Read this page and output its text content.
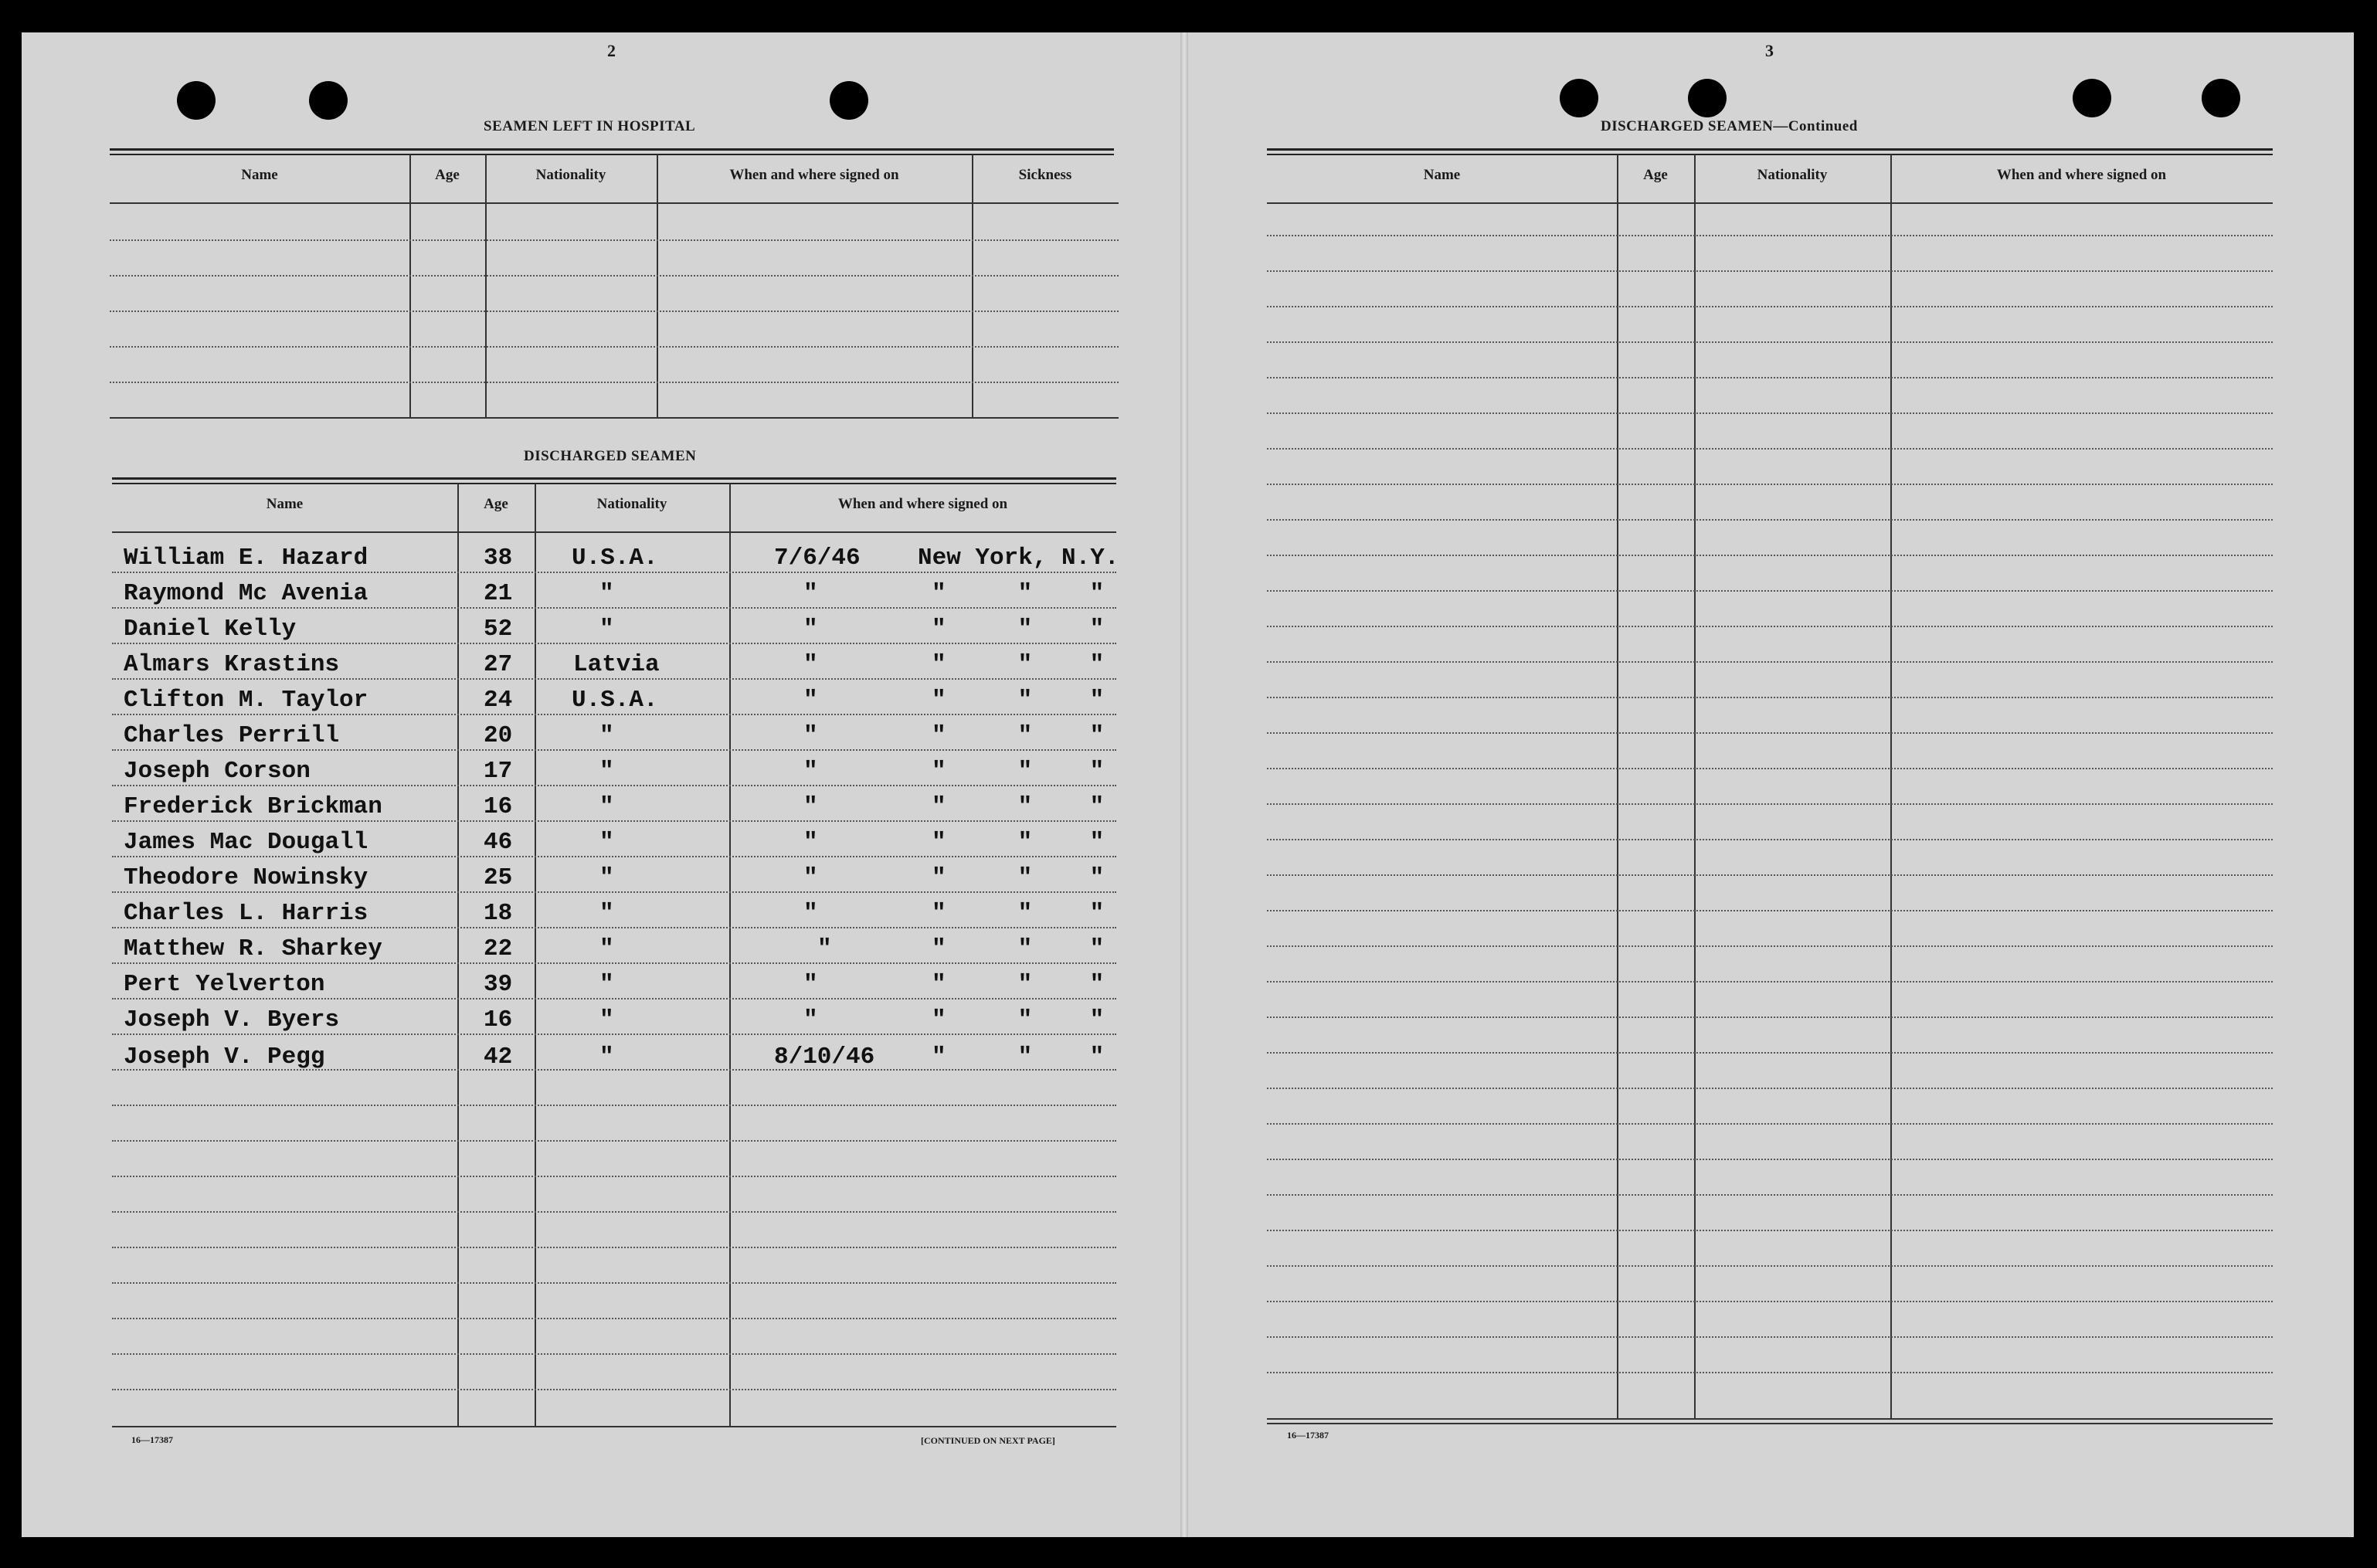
2
SEAMEN LEFT IN HOSPITAL
Name	Age	Nationality	When and where signed on	Sickness
DISCHARGED SEAMEN
Name	Age	Nationality	When and where signed on
William E. Hazard	38 U.S.A.	7/6/46 New York, N.Y.
Raymond Mc Avenia	21	"	"	"     "    "
Daniel Kelly	52	"	"	"     "    "
Almars Krastins	27	Latvia	"	"     "    "
Clifton M. Taylor	24 U.S.A.	"	"     "    "
Charles Perrill	20	"	"	"     "    "
Joseph Corson	17	"	"	"     "    "
Frederick Brickman	16	"	"	"     "    "
James Mac Dougall	46	"	"	"     "    "
Theodore Nowinsky	25	"	"	"     "    "
Charles L. Harris	18	"	"	"     "    "
Matthew R. Sharkey	22	"	"	"     "    "
Pert Yelverton	39	"	"	"     "    "
Joseph V. Byers	16	"	"	"     "    "
Joseph V. Pegg	42	"	8/10/46 "     "    "
16—17387	[CONTINUED ON NEXT PAGE]
3
DISCHARGED SEAMEN—Continued
Name	Age	Nationality	When and where signed on
16—17387
